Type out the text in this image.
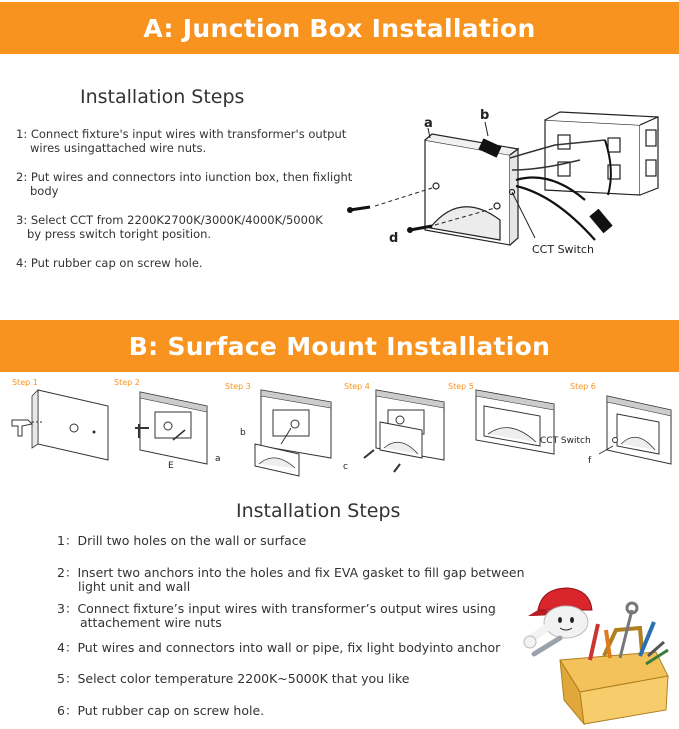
A: Junction Box Installation
Installation Steps
1: Connect fixture's input wires with transformer's output
wires usingattached wire nuts.
2: Put wires and connectors into iunction box, then fixlight
body
3: Select CCT from 2200K2700K/3000K/4000K/5000K
by press switch toright position.
4: Put rubber cap on screw hole.
a
b
d
CCT Switch
B: Surface Mount Installation
Step 1	Step 2	Step 3	Step 4	Step 5	Step 6
E
b
a
c
CCT Switch
f
Installation Steps
1：Drill two holes on the wall or surface
2：Insert two anchors into the holes and fix EVA gasket to fill gap between
light unit and wall
3：Connect fixture’s input wires with transformer’s output wires using
attachement wire nuts
4：Put wires and connectors into wall or pipe, fix light bodyinto anchor
5：Select color temperature 2200K~5000K that you like
6：Put rubber cap on screw hole.
